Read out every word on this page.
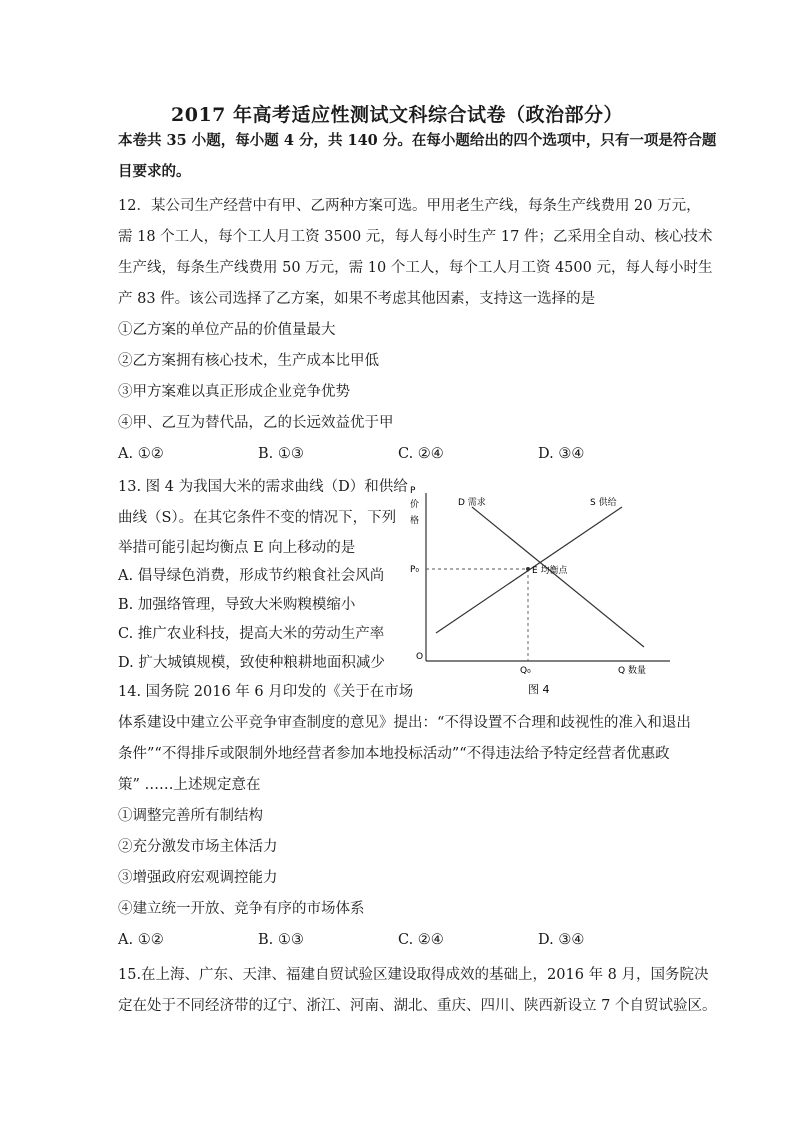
2017 年高考适应性测试文科综合试卷（政治部分）
本卷共 35 小题，每小题 4 分，共 140 分。在每小题给出的四个选项中，只有一项是符合题
目要求的。
12．某公司生产经营中有甲、乙两种方案可选。甲用老生产线，每条生产线费用 20 万元，
需 18 个工人，每个工人月工资 3500 元，每人每小时生产 17 件；乙采用全自动、核心技术
生产线，每条生产线费用 50 万元，需 10 个工人，每个工人月工资 4500 元，每人每小时生
产 83 件。该公司选择了乙方案，如果不考虑其他因素，支持这一选择的是
①乙方案的单位产品的价值量最大
②乙方案拥有核心技术，生产成本比甲低
③甲方案难以真正形成企业竞争优势
④甲、乙互为替代品，乙的长远效益优于甲
A. ①②	B. ①③	C. ②④	D. ③④
13. 图 4 为我国大米的需求曲线（D）和供给
曲线（S）。在其它条件不变的情况下，下列
举措可能引起均衡点 E 向上移动的是
A. 倡导绿色消费，形成节约粮食社会风尚
B. 加强络管理，导致大米购糗模缩小
C. 推广农业科技，提高大米的劳动生产率
D. 扩大城镇规模，致使种粮耕地面积减少
P
价
格
D 需求	S 供给
P₀	E 均衡点
O
Q₀	Q 数量
图 4
14. 国务院 2016 年 6 月印发的《关于在市场
体系建设中建立公平竞争审查制度的意见》提出：“不得设置不合理和歧视性的准入和退出
条件”“不得排斥或限制外地经营者参加本地投标活动”“不得违法给予特定经营者优惠政
策” ……上述规定意在
①调整完善所有制结构
②充分激发市场主体活力
③增强政府宏观调控能力
④建立统一开放、竞争有序的市场体系
A. ①②	B. ①③	C. ②④	D. ③④
15.在上海、广东、天津、福建自贸试验区建设取得成效的基础上，2016 年 8 月，国务院决
定在处于不同经济带的辽宁、浙江、河南、湖北、重庆、四川、陕西新设立 7 个自贸试验区。
